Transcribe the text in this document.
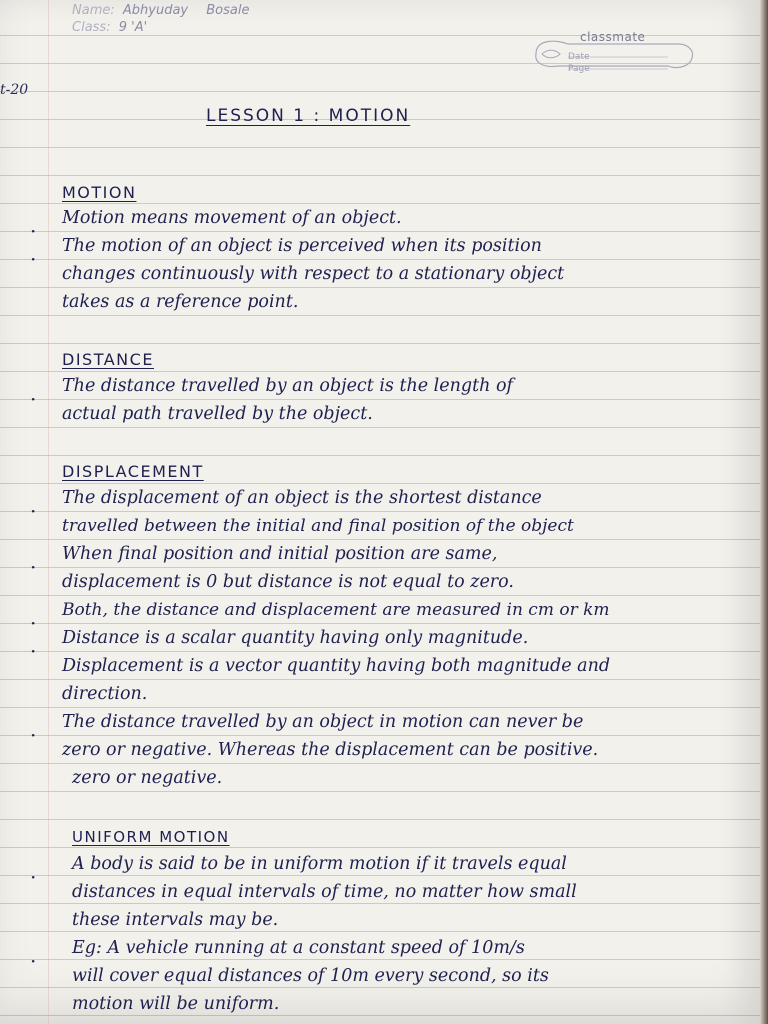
Name: Abhyuday Bosale
Class: 9 'A'
t-20
classmate
Date
Page
LESSON 1 : MOTION
MOTION
·
Motion means movement of an object.
·
The motion of an object is perceived when its position
changes continuously with respect to a stationary object
takes as a reference point.
DISTANCE
·
The distance travelled by an object is the length of
actual path travelled by the object.
DISPLACEMENT
·
The displacement of an object is the shortest distance
travelled between the initial and final position of the object
·
When final position and initial position are same,
displacement is 0 but distance is not equal to zero.
·
Both, the distance and displacement are measured in cm or km
·
Distance is a scalar quantity having only magnitude.
Displacement is a vector quantity having both magnitude and
direction.
·
The distance travelled by an object in motion can never be
zero or negative. Whereas the displacement can be positive.
zero or negative.
UNIFORM MOTION
·
A body is said to be in uniform motion if it travels equal
distances in equal intervals of time, no matter how small
these intervals may be.
·
Eg: A vehicle running at a constant speed of 10m/s
will cover equal distances of 10m every second, so its
motion will be uniform.
